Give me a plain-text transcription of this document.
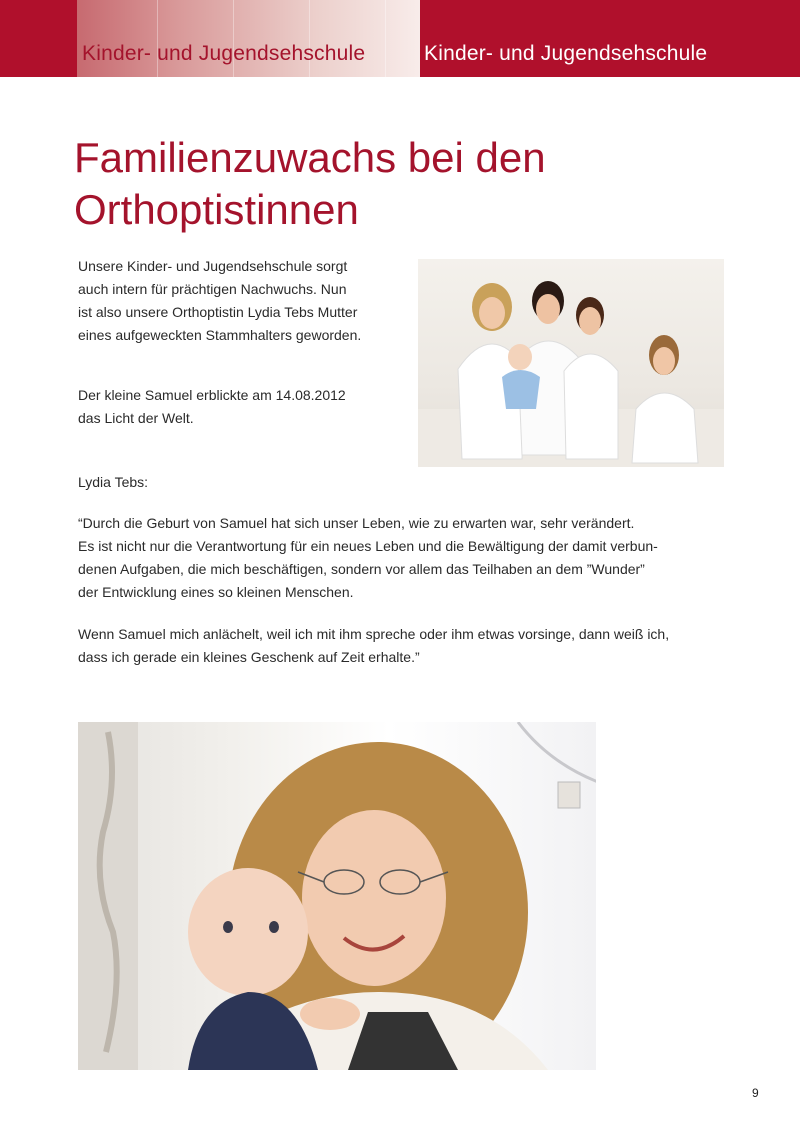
Kinder- und Jugendsehschule	Kinder- und Jugendsehschule
Familienzuwachs bei den
Orthoptistinnen

Unsere Kinder- und Jugendsehschule sorgt
auch intern für prächtigen Nachwuchs. Nun
ist also unsere Orthoptistin Lydia Tebs Mutter
eines aufgeweckten Stammhalters geworden.

Der kleine Samuel erblickte am 14.08.2012
das Licht der Welt.

Lydia Tebs:

“Durch die Geburt von Samuel hat sich unser Leben, wie zu erwarten war, sehr verändert.
Es ist nicht nur die Verantwortung für ein neues Leben und die Bewältigung der damit verbun-
denen Aufgaben, die mich beschäftigen, sondern vor allem das Teilhaben an dem ”Wunder”
der Entwicklung eines so kleinen Menschen.

Wenn Samuel mich anlächelt, weil ich mit ihm spreche oder ihm etwas vorsinge, dann weiß ich,
dass ich gerade ein kleines Geschenk auf Zeit erhalte.”

9
